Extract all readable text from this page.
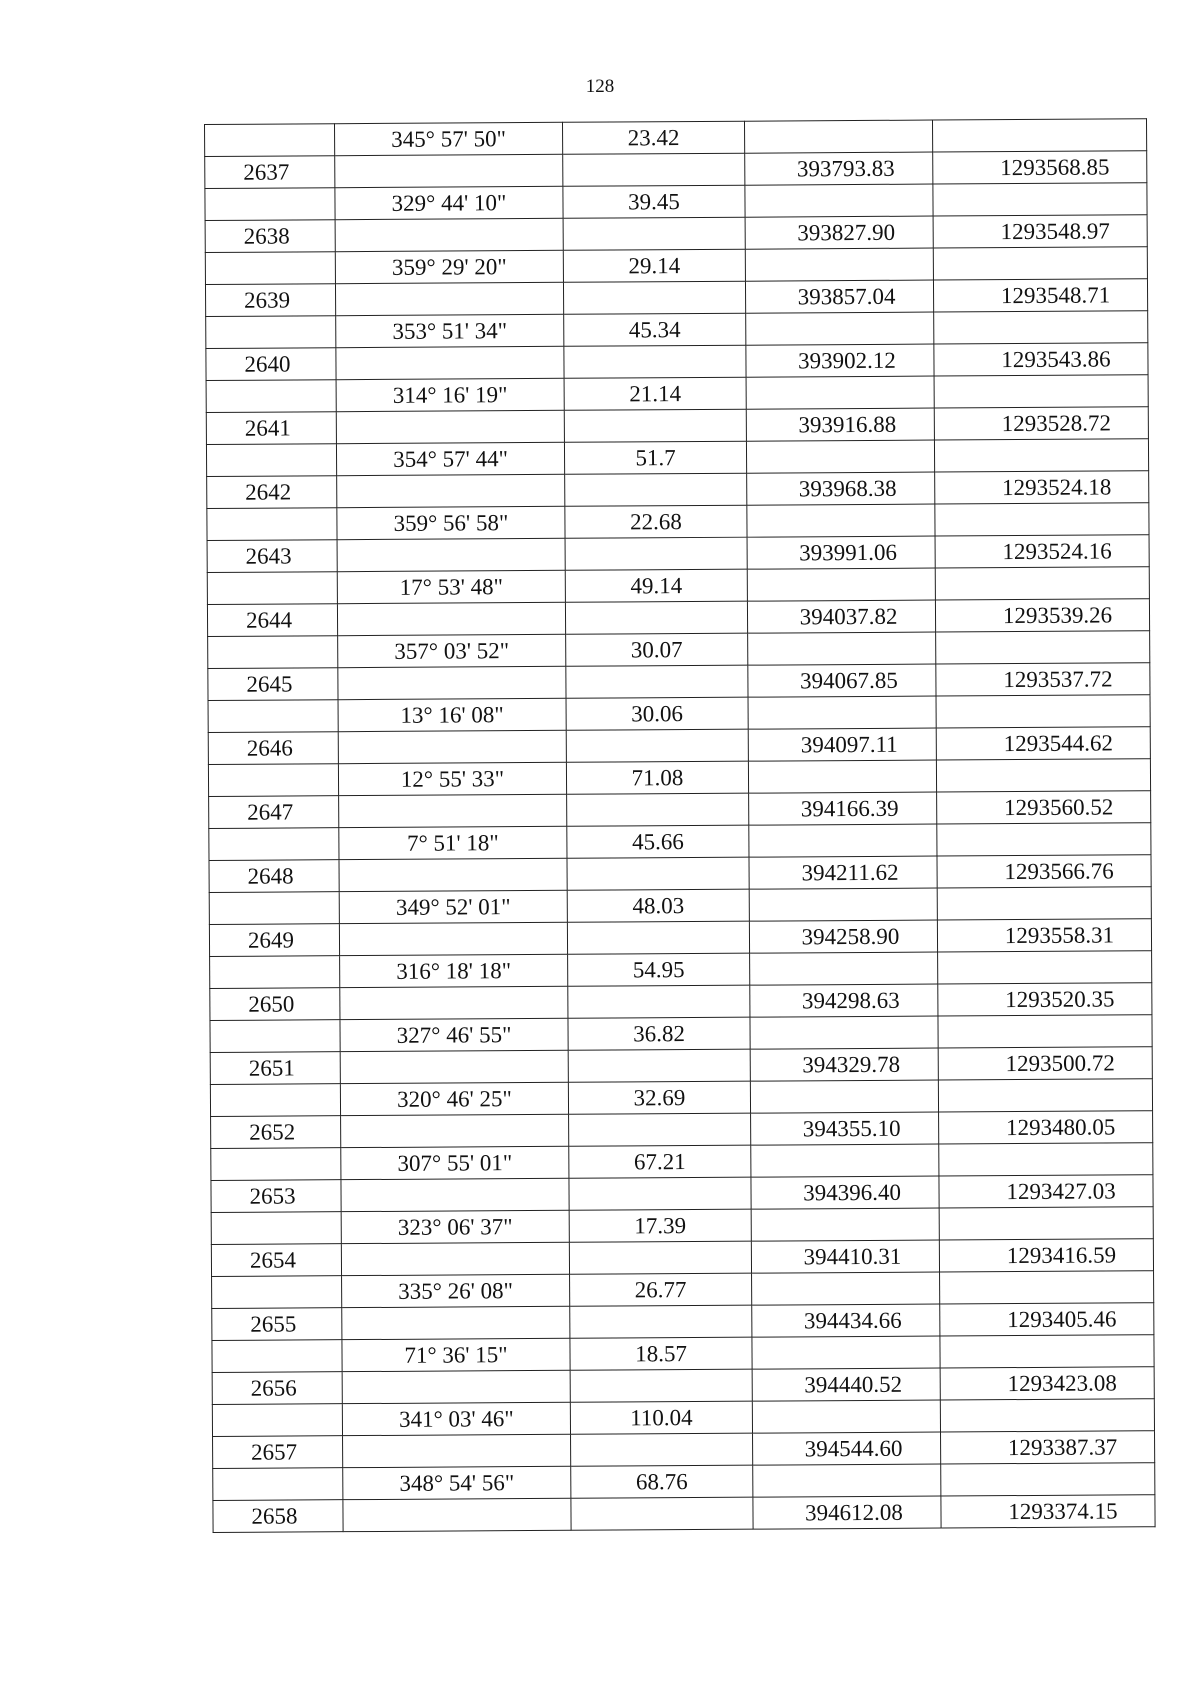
128
	345° 57' 50"	23.42		
2637			393793.83	1293568.85
	329° 44' 10"	39.45		
2638			393827.90	1293548.97
	359° 29' 20"	29.14		
2639			393857.04	1293548.71
	353° 51' 34"	45.34		
2640			393902.12	1293543.86
	314° 16' 19"	21.14		
2641			393916.88	1293528.72
	354° 57' 44"	51.7		
2642			393968.38	1293524.18
	359° 56' 58"	22.68		
2643			393991.06	1293524.16
	17° 53' 48"	49.14		
2644			394037.82	1293539.26
	357° 03' 52"	30.07		
2645			394067.85	1293537.72
	13° 16' 08"	30.06		
2646			394097.11	1293544.62
	12° 55' 33"	71.08		
2647			394166.39	1293560.52
	7° 51' 18"	45.66		
2648			394211.62	1293566.76
	349° 52' 01"	48.03		
2649			394258.90	1293558.31
	316° 18' 18"	54.95		
2650			394298.63	1293520.35
	327° 46' 55"	36.82		
2651			394329.78	1293500.72
	320° 46' 25"	32.69		
2652			394355.10	1293480.05
	307° 55' 01"	67.21		
2653			394396.40	1293427.03
	323° 06' 37"	17.39		
2654			394410.31	1293416.59
	335° 26' 08"	26.77		
2655			394434.66	1293405.46
	71° 36' 15"	18.57		
2656			394440.52	1293423.08
	341° 03' 46"	110.04		
2657			394544.60	1293387.37
	348° 54' 56"	68.76		
2658			394612.08	1293374.15
